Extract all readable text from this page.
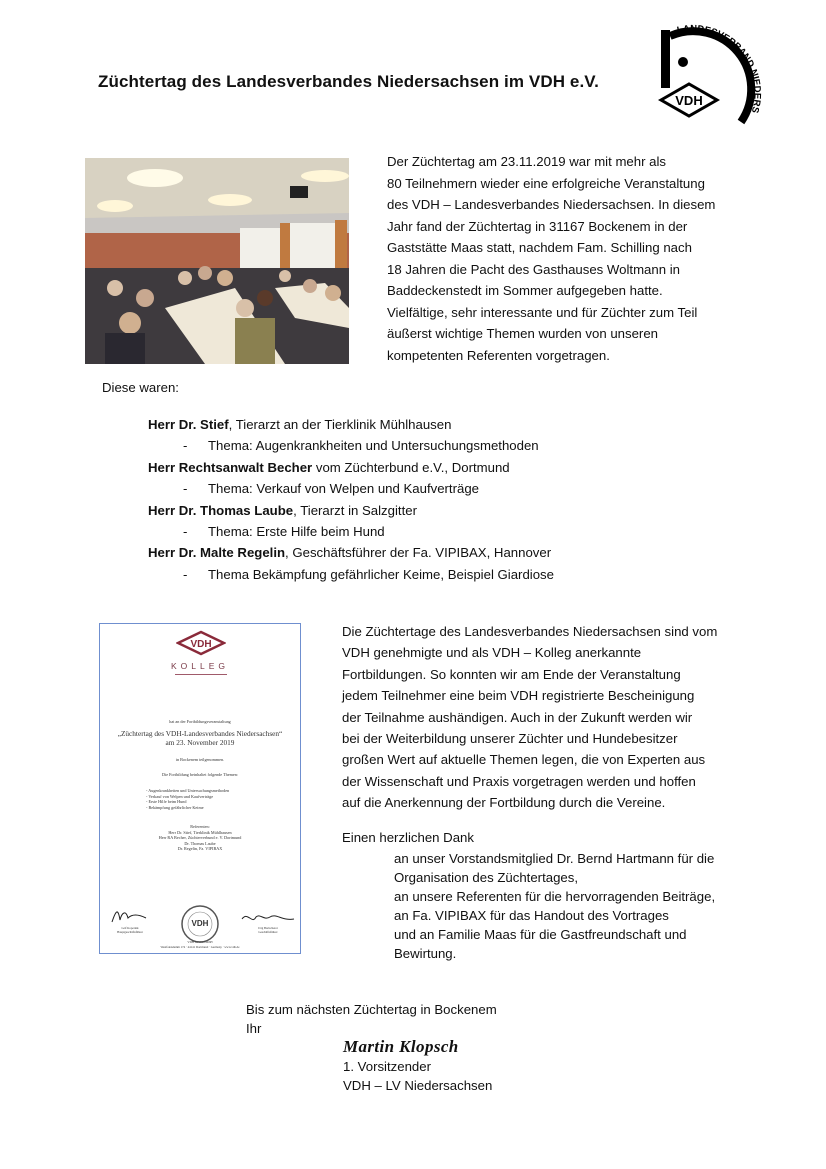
Züchtertag des Landesverbandes Niedersachsen im VDH e.V.
LANDESVERBAND NIEDERS
VDH
Der Züchtertag am 23.11.2019 war mit mehr als
80 Teilnehmern wieder eine erfolgreiche Veranstaltung
des VDH – Landesverbandes Niedersachsen. In diesem
Jahr fand der Züchtertag in 31167 Bockenem in der
Gaststätte Maas statt, nachdem Fam. Schilling nach
18 Jahren die Pacht des Gasthauses Woltmann in
Baddeckenstedt im Sommer aufgegeben hatte.
Vielfältige, sehr interessante und für Züchter zum Teil
äußerst wichtige Themen wurden von unseren
kompetenten Referenten vorgetragen.
Diese waren:
Herr Dr. Stief, Tierarzt an der Tierklinik Mühlhausen
- Thema: Augenkrankheiten und Untersuchungsmethoden
Herr Rechtsanwalt Becher vom Züchterbund e.V., Dortmund
- Thema: Verkauf von Welpen und Kaufverträge
Herr Dr. Thomas Laube, Tierarzt in Salzgitter
- Thema: Erste Hilfe beim Hund
Herr Dr. Malte Regelin, Geschäftsführer der Fa. VIPIBAX, Hannover
- Thema Bekämpfung gefährlicher Keime, Beispiel Giardiose
VDH
KOLLEG
hat an der Fortbildungsveranstaltung
„Züchtertag des VDH-Landesverbandes Niedersachsen“
am 23. November 2019
in Bockenem teilgenommen.
Die Fortbildung beinhaltet folgende Themen:
- Augenkrankheiten und Untersuchungsmethoden
- Verkauf von Welpen und Kaufverträge
- Erste Hilfe beim Hund
- Bekämpfung gefährlicher Keime
Referenten:
Herr Dr. Stief, Tierklinik Mühlhausen
Herr RA Becher, Züchterverbund e. V. Dortmund
Dr. Thomas Laube
Dr. Regelin, Fa. VIPIBAX
Leif Kopernik
Hauptgeschäftsführer
VDH	Jörg Bartscherer
Geschäftsführer
VDH Service GmbH
Westfalendamm 174 · 44141 Dortmund · Germany · www.vdh.de
Die Züchtertage des Landesverbandes Niedersachsen sind vom
VDH genehmigte und als VDH – Kolleg anerkannte
Fortbildungen. So konnten wir am Ende der Veranstaltung
jedem Teilnehmer eine beim VDH registrierte Bescheinigung
der Teilnahme aushändigen. Auch in der Zukunft werden wir
bei der Weiterbildung unserer Züchter und Hundebesitzer
großen Wert auf aktuelle Themen legen, die von Experten aus
der Wissenschaft und Praxis vorgetragen werden und hoffen
auf die Anerkennung der Fortbildung durch die Vereine.
Einen herzlichen Dank
an unser Vorstandsmitglied Dr. Bernd Hartmann für die
Organisation des Züchtertages,
an unsere Referenten für die hervorragenden Beiträge,
an Fa. VIPIBAX für das Handout des Vortrages
und an Familie Maas für die Gastfreundschaft und
Bewirtung.
Bis zum nächsten Züchtertag in Bockenem
Ihr
Martin Klopsch
1. Vorsitzender
VDH – LV Niedersachsen
